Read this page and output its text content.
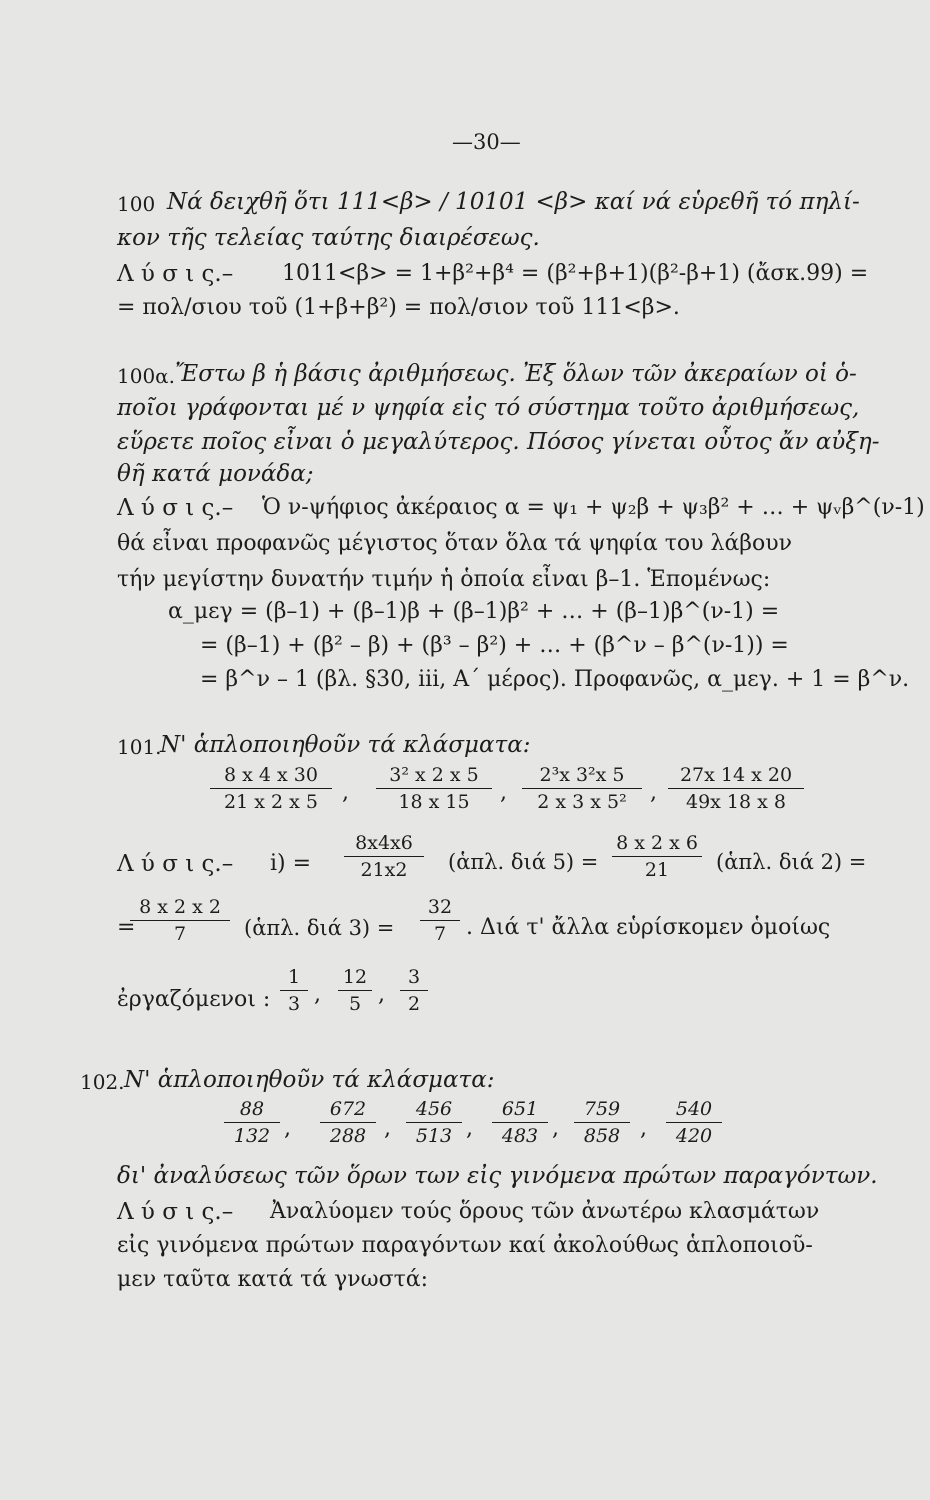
—30—
100 Νά δειχθῆ ὅτι 111<β> / 10101 <β> καί νά εὑρεθῆ τό πηλί-
κον τῆς τελείας ταύτης διαιρέσεως.
Λ ύ σ ι ς.– 1011<β> = 1+β²+β⁴ = (β²+β+1)(β²-β+1) (ἄσκ.99) =
= πολ/σιου τοῦ (1+β+β²) = πολ/σιον τοῦ 111<β>.
100α. Ἔστω β ἡ βάσις ἀριθμήσεως. Ἐξ ὅλων τῶν ἀκεραίων οἱ ὁ-
ποῖοι γράφονται μέ ν ψηφία εἰς τό σύστημα τοῦτο ἀριθμήσεως,
εὕρετε ποῖος εἶναι ὁ μεγαλύτερος. Πόσος γίνεται οὗτος ἄν αὐξη-
θῆ κατά μονάδα;
Λ ύ σ ι ς.– Ὁ ν-ψήφιος ἀκέραιος α = ψ₁ + ψ₂β + ψ₃β² + … + ψᵥβ^(ν-1)
θά εἶναι προφανῶς μέγιστος ὅταν ὅλα τά ψηφία του λάβουν
τήν μεγίστην δυνατήν τιμήν ἡ ὁποία εἶναι β–1. Ἑπομένως:
α_μεγ = (β–1) + (β–1)β + (β–1)β² + … + (β–1)β^(ν-1) =
= (β–1) + (β² – β) + (β³ – β²) + … + (β^ν – β^(ν-1)) =
= β^ν – 1 (βλ. §30, iii, Α΄ μέρος). Προφανῶς, α_μεγ. + 1 = β^ν.
101.
Ν' ἁπλοποιηθοῦν τά κλάσματα:
$\frac{8 x 4 x 30}{21 x 2 x 5}$ , $\frac{\text{3² x 2 x 5}}{18 x 15}$ , $\frac{\text{2³x 3²x 5}}{\text{2 x 3 x 5²}}$ , $\frac{27x 14 x 20}{49x 18 x 8}$
Λ ύ σ ι ς.– $i) = \frac{8x4x6}{21x2}$ (ἁπλ. διά $5) = \frac{8 x 2 x 6}{21}$ (ἁπλ. διά 2) =
=
$\frac{8 x 2 x 2}{7}$ (ἁπλ. διά $3) = \frac{32}{7}$ . Διά τ' ἄλλα εὑρίσκομεν ὁμοίως
ἐργαζόμενοι : $\frac{1}{3}$ , $\frac{12}{5}$ , $\frac{3}{2}$
102. Ν' ἁπλοποιηθοῦν τά κλάσματα:
$\frac{88}{132}$ , $\frac{672}{288}$ , $\frac{456}{513}$ , $\frac{651}{483}$ , $\frac{759}{858}$ , $\frac{540}{420}$
δι' ἀναλύσεως τῶν ὅρων των εἰς γινόμενα πρώτων παραγόντων.
Λ ύ σ ι ς.– Ἀναλύομεν τούς ὅρους τῶν ἀνωτέρω κλασμάτων
εἰς γινόμενα πρώτων παραγόντων καί ἀκολούθως ἁπλοποιοῦ-
μεν ταῦτα κατά τά γνωστά:
